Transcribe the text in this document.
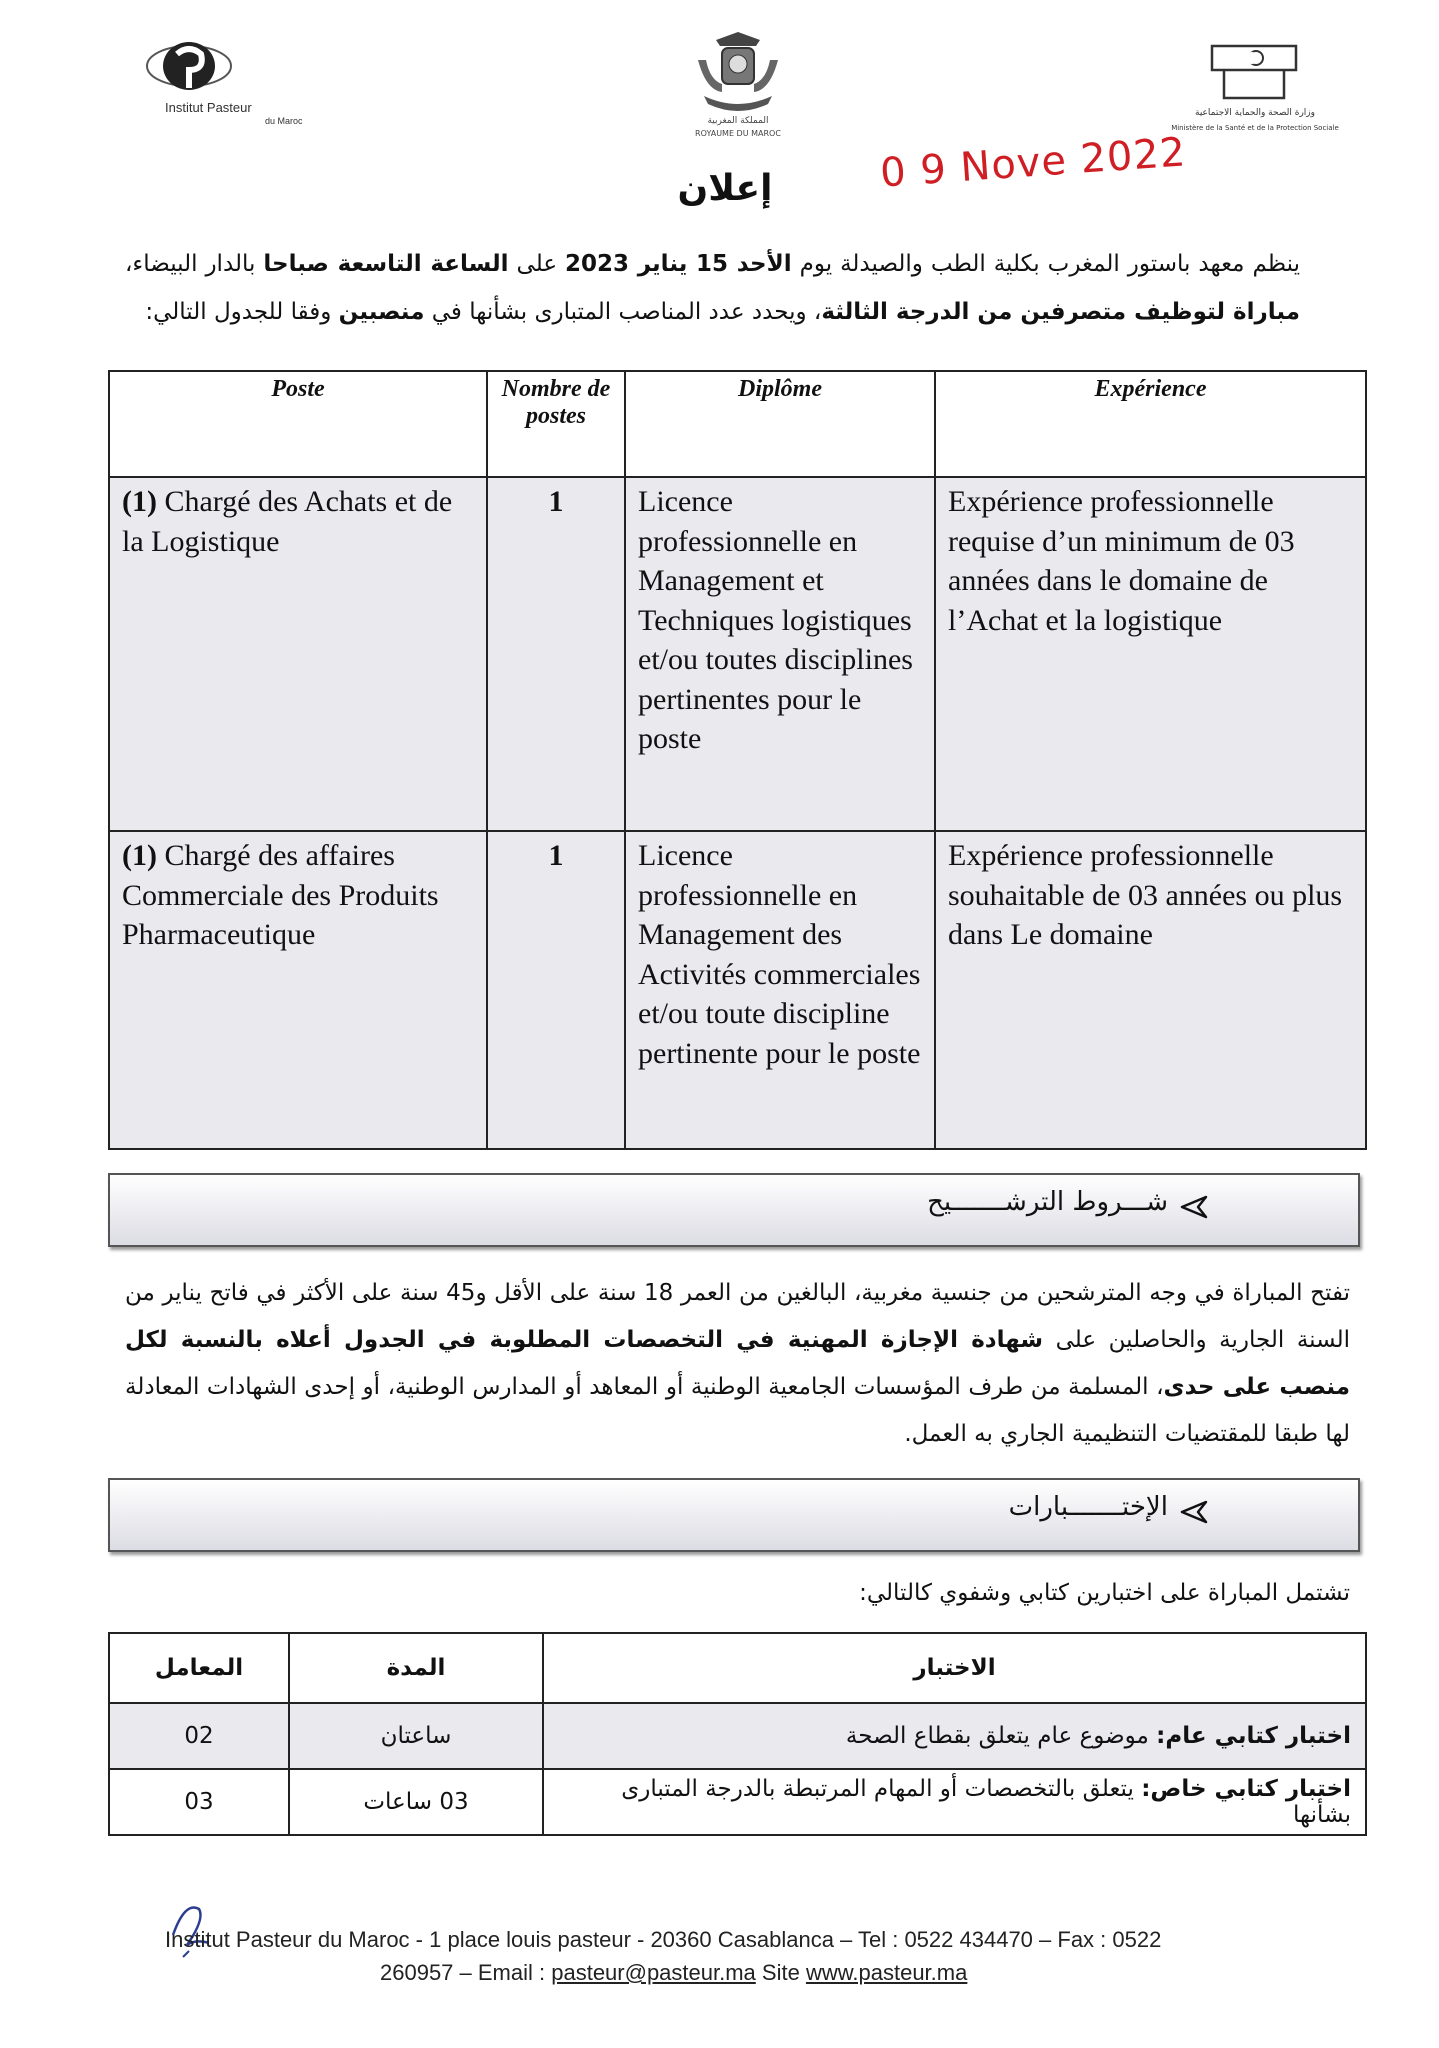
Institut Pasteur
du Maroc	المملكة المغربية
ROYAUME DU MAROC
وزارة الصحة والحماية الاجتماعية
Ministère de la Santé et de la Protection Sociale
إعلان	0 9 Nove 2022
ينظم معهد باستور المغرب بكلية الطب والصيدلة يوم الأحد 15 يناير 2023 على الساعة التاسعة صباحا بالدار البيضاء، مباراة لتوظيف متصرفين من الدرجة الثالثة، ويحدد عدد المناصب المتبارى بشأنها في منصبين وفقا للجدول التالي:
Poste	Nombre de postes	Diplôme	Expérience
(1) Chargé des Achats et de la Logistique	1	Licence professionnelle en Management et Techniques logistiques et/ou toutes disciplines pertinentes pour le poste	Expérience professionnelle requise d’un minimum de 03 années dans le domaine de l’Achat et la logistique
(1) Chargé des affaires Commerciale des Produits Pharmaceutique	1	Licence professionnelle en Management des Activités commerciales et/ou toute discipline pertinente pour le poste	Expérience professionnelle souhaitable de 03 années ou plus dans Le domaine
شـــروط الترشـــــــيح
تفتح المباراة في وجه المترشحين من جنسية مغربية، البالغين من العمر 18 سنة على الأقل و45 سنة على الأكثر في فاتح يناير من السنة الجارية والحاصلين على شهادة الإجازة المهنية في التخصصات المطلوبة في الجدول أعلاه بالنسبة لكل منصب على حدى، المسلمة من طرف المؤسسات الجامعية الوطنية أو المعاهد أو المدارس الوطنية، أو إحدى الشهادات المعادلة لها طبقا للمقتضيات التنظيمية الجاري به العمل.
الإختـــــــبارات
تشتمل المباراة على اختبارين كتابي وشفوي كالتالي:
الاختبار	المدة	المعامل
اختبار كتابي عام: موضوع عام يتعلق بقطاع الصحة	ساعتان	02
اختبار كتابي خاص: يتعلق بالتخصصات أو المهام المرتبطة بالدرجة المتبارى بشأنها	03 ساعات	03
Institut Pasteur du Maroc - 1 place louis pasteur - 20360 Casablanca – Tel : 0522 434470 – Fax : 0522
260957 – Email : pasteur@pasteur.ma Site www.pasteur.ma
